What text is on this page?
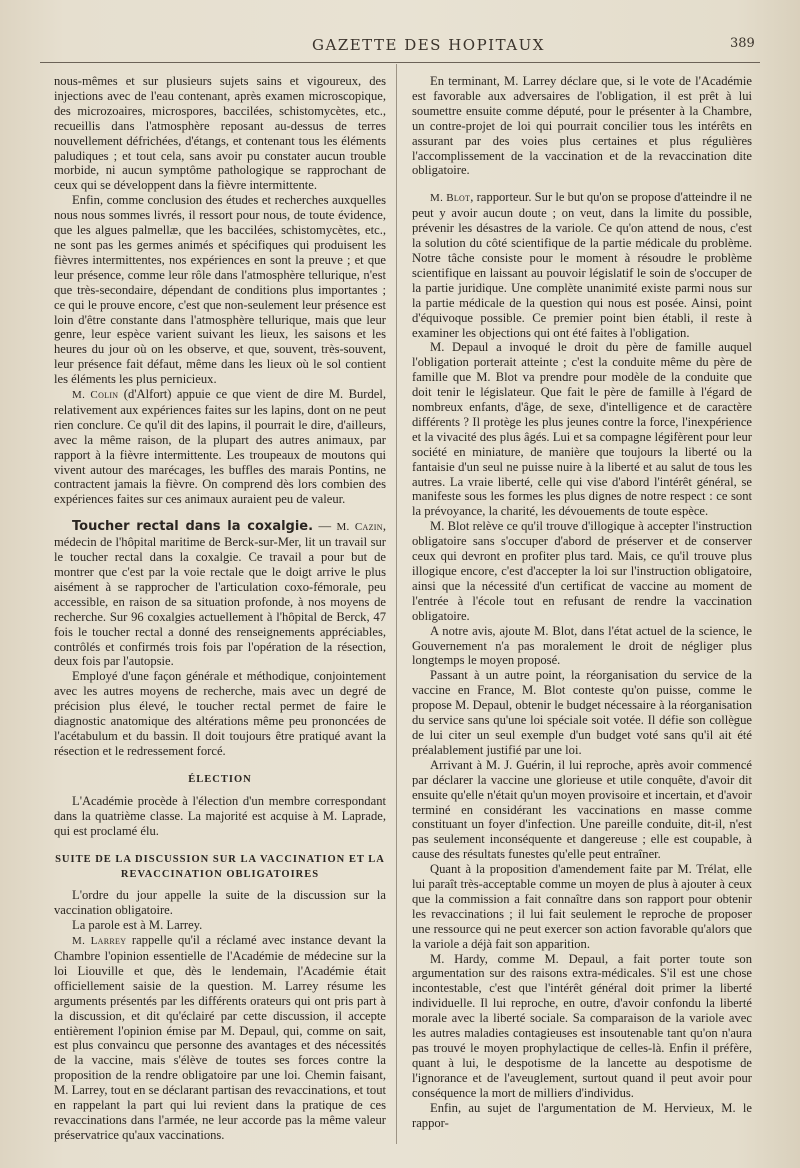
GAZETTE DES HOPITAUX	389

nous-mêmes et sur plusieurs sujets sains et vigoureux, des injections avec de l'eau contenant, après examen microscopique, des microzoaires, microspores, baccilées, schistomycètes, etc., recueillis dans l'atmosphère reposant au-dessus de terres nouvellement défrichées, d'étangs, et contenant tous les éléments paludiques ; et tout cela, sans avoir pu constater aucun trouble morbide, ni aucun symptôme pathologique se rapprochant de ceux qui se développent dans la fièvre intermittente.

Enfin, comme conclusion des études et recherches auxquelles nous nous sommes livrés, il ressort pour nous, de toute évidence, que les algues palmellæ, que les baccilées, schistomycètes, etc., ne sont pas les germes animés et spécifiques qui produisent les fièvres intermittentes, nos expériences en sont la preuve ; et que leur présence, comme leur rôle dans l'atmosphère tellurique, n'est que très-secondaire, dépendant de conditions plus importantes ; ce qui le prouve encore, c'est que non-seulement leur présence est loin d'être constante dans l'atmosphère tellurique, mais que leur genre, leur espèce varient suivant les lieux, les saisons et les heures du jour où on les observe, et que, souvent, très-souvent, leur présence fait défaut, même dans les lieux où le sol contient les éléments les plus pernicieux.

M. Colin (d'Alfort) appuie ce que vient de dire M. Burdel, relativement aux expériences faites sur les lapins, dont on ne peut rien conclure. Ce qu'il dit des lapins, il pourrait le dire, d'ailleurs, avec la même raison, de la plupart des autres animaux, par rapport à la fièvre intermittente. Les troupeaux de moutons qui vivent autour des marécages, les buffles des marais Pontins, ne contractent jamais la fièvre. On comprend dès lors combien des expériences faites sur ces animaux auraient peu de valeur.

Toucher rectal dans la coxalgie. — M. Cazin, médecin de l'hôpital maritime de Berck-sur-Mer, lit un travail sur le toucher rectal dans la coxalgie. Ce travail a pour but de montrer que c'est par la voie rectale que le doigt arrive le plus aisément à se rapprocher de l'articulation coxo-fémorale, peu accessible, en raison de sa situation profonde, à nos moyens de recherche. Sur 96 coxalgies actuellement à l'hôpital de Berck, 47 fois le toucher rectal a donné des renseignements appréciables, contrôlés et confirmés trois fois par l'opération de la résection, deux fois par l'autopsie.

Employé d'une façon générale et méthodique, conjointement avec les autres moyens de recherche, mais avec un degré de précision plus élevé, le toucher rectal permet de faire le diagnostic anatomique des altérations même peu prononcées de l'acétabulum et du bassin. Il doit toujours être pratiqué avant la résection et le redressement forcé.

ÉLECTION

L'Académie procède à l'élection d'un membre correspondant dans la quatrième classe. La majorité est acquise à M. Laprade, qui est proclamé élu.

SUITE DE LA DISCUSSION SUR LA VACCINATION ET LA
REVACCINATION OBLIGATOIRES

L'ordre du jour appelle la suite de la discussion sur la vaccination obligatoire.

La parole est à M. Larrey.

M. Larrey rappelle qu'il a réclamé avec instance devant la Chambre l'opinion essentielle de l'Académie de médecine sur la loi Liouville et que, dès le lendemain, l'Académie était officiellement saisie de la question. M. Larrey résume les arguments présentés par les différents orateurs qui ont pris part à la discussion, et dit qu'éclairé par cette discussion, il accepte entièrement l'opinion émise par M. Depaul, qui, comme on sait, est plus convaincu que personne des avantages et des nécessités de la vaccine, mais s'élève de toutes ses forces contre la proposition de la rendre obligatoire par une loi. Chemin faisant, M. Larrey, tout en se déclarant partisan des revaccinations, et tout en rappelant la part qui lui revient dans la pratique de ces revaccinations dans l'armée, ne leur accorde pas la même valeur préservatrice qu'aux vaccinations.

En terminant, M. Larrey déclare que, si le vote de l'Académie est favorable aux adversaires de l'obligation, il est prêt à lui soumettre ensuite comme député, pour le présenter à la Chambre, un contre-projet de loi qui pourrait concilier tous les intérêts en assurant par des voies plus certaines et plus régulières l'accomplissement de la vaccination et de la revaccination dite obligatoire.

M. Blot, rapporteur. Sur le but qu'on se propose d'atteindre il ne peut y avoir aucun doute ; on veut, dans la limite du possible, prévenir les désastres de la variole. Ce qu'on attend de nous, c'est la solution du côté scientifique de la partie médicale du problème. Notre tâche consiste pour le moment à résoudre le problème scientifique en laissant au pouvoir législatif le soin de s'occuper de la partie juridique. Une complète unanimité existe parmi nous sur la partie médicale de la question qui nous est posée. Ainsi, point d'équivoque possible. Ce premier point bien établi, il reste à examiner les objections qui ont été faites à l'obligation.

M. Depaul a invoqué le droit du père de famille auquel l'obligation porterait atteinte ; c'est la conduite même du père de famille que M. Blot va prendre pour modèle de la conduite que doit tenir le législateur. Que fait le père de famille à l'égard de nombreux enfants, d'âge, de sexe, d'intelligence et de caractère différents ? Il protège les plus jeunes contre la force, l'inexpérience et la vivacité des plus âgés. Lui et sa compagne légifèrent pour leur société en miniature, de manière que toujours la liberté ou la fantaisie d'un seul ne puisse nuire à la liberté et au salut de tous les autres. La vraie liberté, celle qui vise d'abord l'intérêt général, se manifeste sous les formes les plus dignes de notre respect : ce sont la prévoyance, la charité, les dévouements de toute espèce.

M. Blot relève ce qu'il trouve d'illogique à accepter l'instruction obligatoire sans s'occuper d'abord de préserver et de conserver ceux qui devront en profiter plus tard. Mais, ce qu'il trouve plus illogique encore, c'est d'accepter la loi sur l'instruction obligatoire, ainsi que la nécessité d'un certificat de vaccine au moment de l'entrée à l'école tout en refusant de rendre la vaccination obligatoire.

A notre avis, ajoute M. Blot, dans l'état actuel de la science, le Gouvernement n'a pas moralement le droit de négliger plus longtemps le moyen proposé.

Passant à un autre point, la réorganisation du service de la vaccine en France, M. Blot conteste qu'on puisse, comme le propose M. Depaul, obtenir le budget nécessaire à la réorganisation du service sans qu'une loi spéciale soit votée. Il défie son collègue de lui citer un seul exemple d'un budget voté sans qu'il ait été préalablement justifié par une loi.

Arrivant à M. J. Guérin, il lui reproche, après avoir commencé par déclarer la vaccine une glorieuse et utile conquête, d'avoir dit ensuite qu'elle n'était qu'un moyen provisoire et incertain, et d'avoir terminé en considérant les vaccinations en masse comme constituant un foyer d'infection. Une pareille conduite, dit-il, n'est pas seulement inconséquente et dangereuse ; elle est coupable, à cause des résultats funestes qu'elle peut entraîner.

Quant à la proposition d'amendement faite par M. Trélat, elle lui paraît très-acceptable comme un moyen de plus à ajouter à ceux que la commission a fait connaître dans son rapport pour obtenir les revaccinations ; il lui fait seulement le reproche de proposer une ressource qui ne peut exercer son action favorable qu'alors que la variole a déjà fait son apparition.

M. Hardy, comme M. Depaul, a fait porter toute son argumentation sur des raisons extra-médicales. S'il est une chose incontestable, c'est que l'intérêt général doit primer la liberté individuelle. Il lui reproche, en outre, d'avoir confondu la liberté morale avec la liberté sociale. Sa comparaison de la variole avec les autres maladies contagieuses est insoutenable tant qu'on n'aura pas trouvé le moyen prophylactique de celles-là. Enfin il préfère, quant à lui, le despotisme de la lancette au despotisme de l'ignorance et de l'aveuglement, surtout quand il peut avoir pour conséquence la mort de milliers d'individus.

Enfin, au sujet de l'argumentation de M. Hervieux, M. le rappor-
